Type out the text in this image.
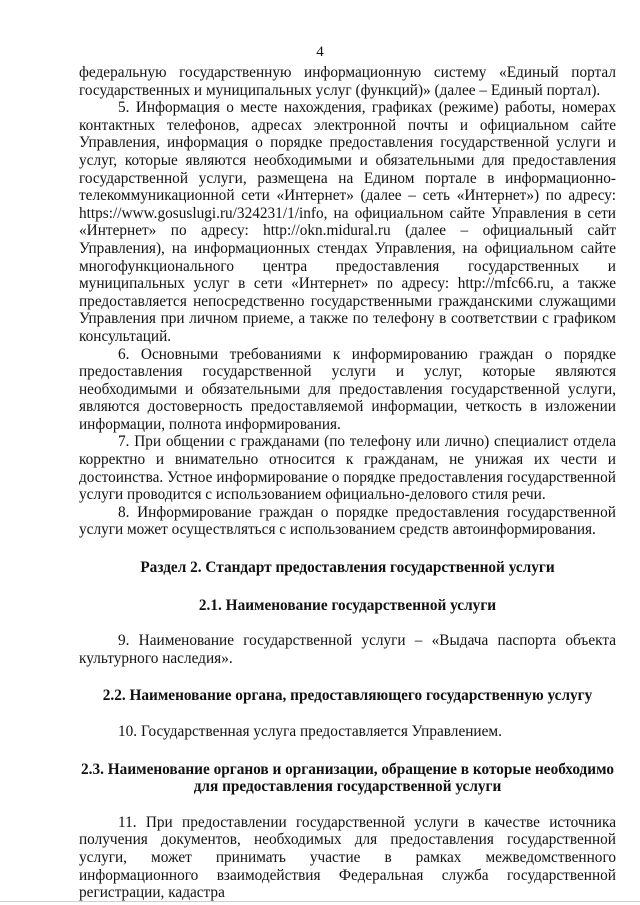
4

федеральную государственную информационную систему «Единый портал государственных и муниципальных услуг (функций)» (далее – Единый портал).

5. Информация о месте нахождения, графиках (режиме) работы, номерах контактных телефонов, адресах электронной почты и официальном сайте Управления, информация о порядке предоставления государственной услуги и услуг, которые являются необходимыми и обязательными для предоставления государственной услуги, размещена на Едином портале в информационно-телекоммуникационной сети «Интернет» (далее – сеть «Интернет») по адресу: https://www.gosuslugi.ru/324231/1/info, на официальном сайте Управления в сети «Интернет» по адресу: http://okn.midural.ru (далее – официальный сайт Управления), на информационных стендах Управления, на официальном сайте многофункционального центра предоставления государственных и муниципальных услуг в сети «Интернет» по адресу: http://mfc66.ru, а также предоставляется непосредственно государственными гражданскими служащими Управления при личном приеме, а также по телефону в соответствии с графиком консультаций.

6. Основными требованиями к информированию граждан о порядке предоставления государственной услуги и услуг, которые являются необходимыми и обязательными для предоставления государственной услуги, являются достоверность предоставляемой информации, четкость в изложении информации, полнота информирования.

7. При общении с гражданами (по телефону или лично) специалист отдела корректно и внимательно относится к гражданам, не унижая их чести и достоинства. Устное информирование о порядке предоставления государственной услуги проводится с использованием официально-делового стиля речи.

8. Информирование граждан о порядке предоставления государственной услуги может осуществляться с использованием средств автоинформирования.

Раздел 2. Стандарт предоставления государственной услуги

2.1. Наименование государственной услуги

9. Наименование государственной услуги – «Выдача паспорта объекта культурного наследия».

2.2. Наименование органа, предоставляющего государственную услугу

10. Государственная услуга предоставляется Управлением.

2.3. Наименование органов и организации, обращение в которые необходимо для предоставления государственной услуги

11. При предоставлении государственной услуги в качестве источника получения документов, необходимых для предоставления государственной услуги, может принимать участие в рамках межведомственного информационного взаимодействия Федеральная служба государственной регистрации, кадастра
